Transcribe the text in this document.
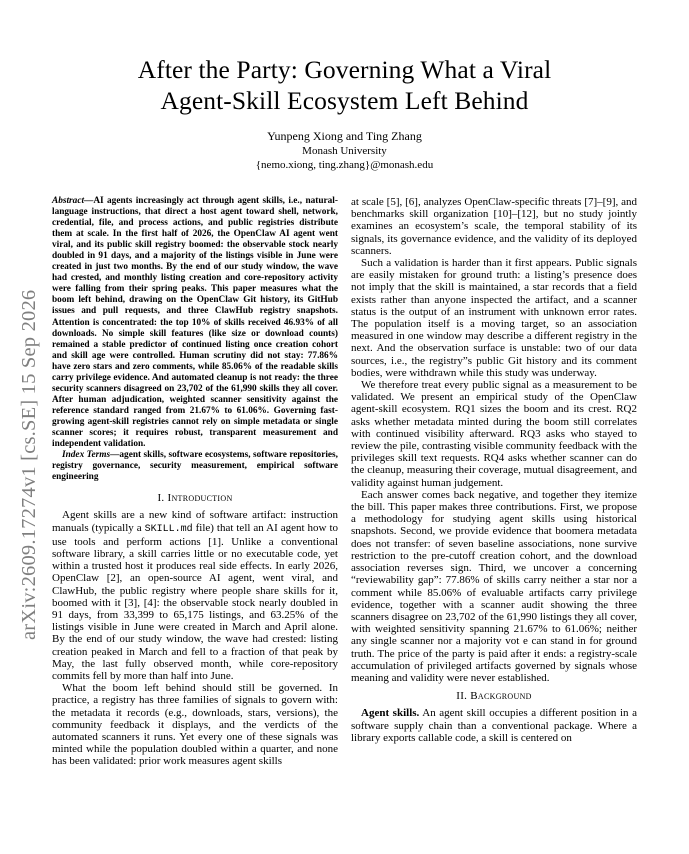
arXiv:2609.17274v1 [cs.SE] 15 Sep 2026
After the Party: Governing What a Viral
Agent-Skill Ecosystem Left Behind
Yunpeng Xiong and Ting Zhang
Monash University
{nemo.xiong, ting.zhang}@monash.edu
Abstract—AI agents increasingly act through agent skills, i.e., natural-language instructions, that direct a host agent toward shell, network, credential, file, and process actions, and public registries distribute them at scale. In the first half of 2026, the OpenClaw AI agent went viral, and its public skill registry boomed: the observable stock nearly doubled in 91 days, and a majority of the listings visible in June were created in just two months. By the end of our study window, the wave had crested, and monthly listing creation and core-repository activity were falling from their spring peaks. This paper measures what the boom left behind, drawing on the OpenClaw Git history, its GitHub issues and pull requests, and three ClawHub registry snapshots. Attention is concentrated: the top 10% of skills received 46.93% of all downloads. No simple skill features (like size or download counts) remained a stable predictor of continued listing once creation cohort and skill age were controlled. Human scrutiny did not stay: 77.86% have zero stars and zero comments, while 85.06% of the readable skills carry privilege evidence. And automated cleanup is not ready: the three security scanners disagreed on 23,702 of the 61,990 skills they all cover. After human adjudication, weighted scanner sensitivity against the reference standard ranged from 21.67% to 61.06%. Governing fast-growing agent-skill registries cannot rely on simple metadata or single scanner scores; it requires robust, transparent measurement and independent validation.
Index Terms—agent skills, software ecosystems, software repositories, registry governance, security measurement, empirical software engineering
I. Introduction

Agent skills are a new kind of software artifact: instruction manuals (typically a SKILL.md file) that tell an AI agent how to use tools and perform actions [1]. Unlike a conventional software library, a skill carries little or no executable code, yet within a trusted host it produces real side effects. In early 2026, OpenClaw [2], an open-source AI agent, went viral, and ClawHub, the public registry where people share skills for it, boomed with it [3], [4]: the observable stock nearly doubled in 91 days, from 33,399 to 65,175 listings, and 63.25% of the listings visible in June were created in March and April alone. By the end of our study window, the wave had crested: listing creation peaked in March and fell to a fraction of that peak by May, the last fully observed month, while core-repository commits fell by more than half into June.

What the boom left behind should still be governed. In practice, a registry has three families of signals to govern with: the metadata it records (e.g., downloads, stars, versions), the community feedback it displays, and the verdicts of the automated scanners it runs. Yet every one of these signals was minted while the population doubled within a quarter, and none has been validated: prior work measures agent skills

at scale [5], [6], analyzes OpenClaw-specific threats [7]–[9], and benchmarks skill organization [10]–[12], but no study jointly examines an ecosystem’s scale, the temporal stability of its signals, its governance evidence, and the validity of its deployed scanners.

Such a validation is harder than it first appears. Public signals are easily mistaken for ground truth: a listing’s presence does not imply that the skill is maintained, a star records that a field exists rather than anyone inspected the artifact, and a scanner status is the output of an instrument with unknown error rates. The population itself is a moving target, so an association measured in one window may describe a different registry in the next. And the observation surface is unstable: two of our data sources, i.e., the registry”s public Git history and its comment bodies, were withdrawn while this study was underway.

We therefore treat every public signal as a measurement to be validated. We present an empirical study of the OpenClaw agent-skill ecosystem. RQ1 sizes the boom and its crest. RQ2 asks whether metadata minted during the boom still correlates with continued visibility afterward. RQ3 asks who stayed to review the pile, contrasting visible community feedback with the privileges skill text requests. RQ4 asks whether scanner can do the cleanup, measuring their coverage, mutual disagreement, and validity against human judgement.

Each answer comes back negative, and together they itemize the bill. This paper makes three contributions. First, we propose a methodology for studying agent skills using historical snapshots. Second, we provide evidence that boomera metadata does not transfer: of seven baseline associations, none survive restriction to the pre-cutoff creation cohort, and the download association reverses sign. Third, we uncover a concerning “reviewability gap”: 77.86% of skills carry neither a star nor a comment while 85.06% of evaluable artifacts carry privilege evidence, together with a scanner audit showing the three scanners disagree on 23,702 of the 61,990 listings they all cover, with weighted sensitivity spanning 21.67% to 61.06%; neither any single scanner nor a majority vot e can stand in for ground truth. The price of the party is paid after it ends: a registry-scale accumulation of privileged artifacts governed by signals whose meaning and validity were never established.

II. Background

Agent skills. An agent skill occupies a different position in a software supply chain than a conventional package. Where a library exports callable code, a skill is centered on
